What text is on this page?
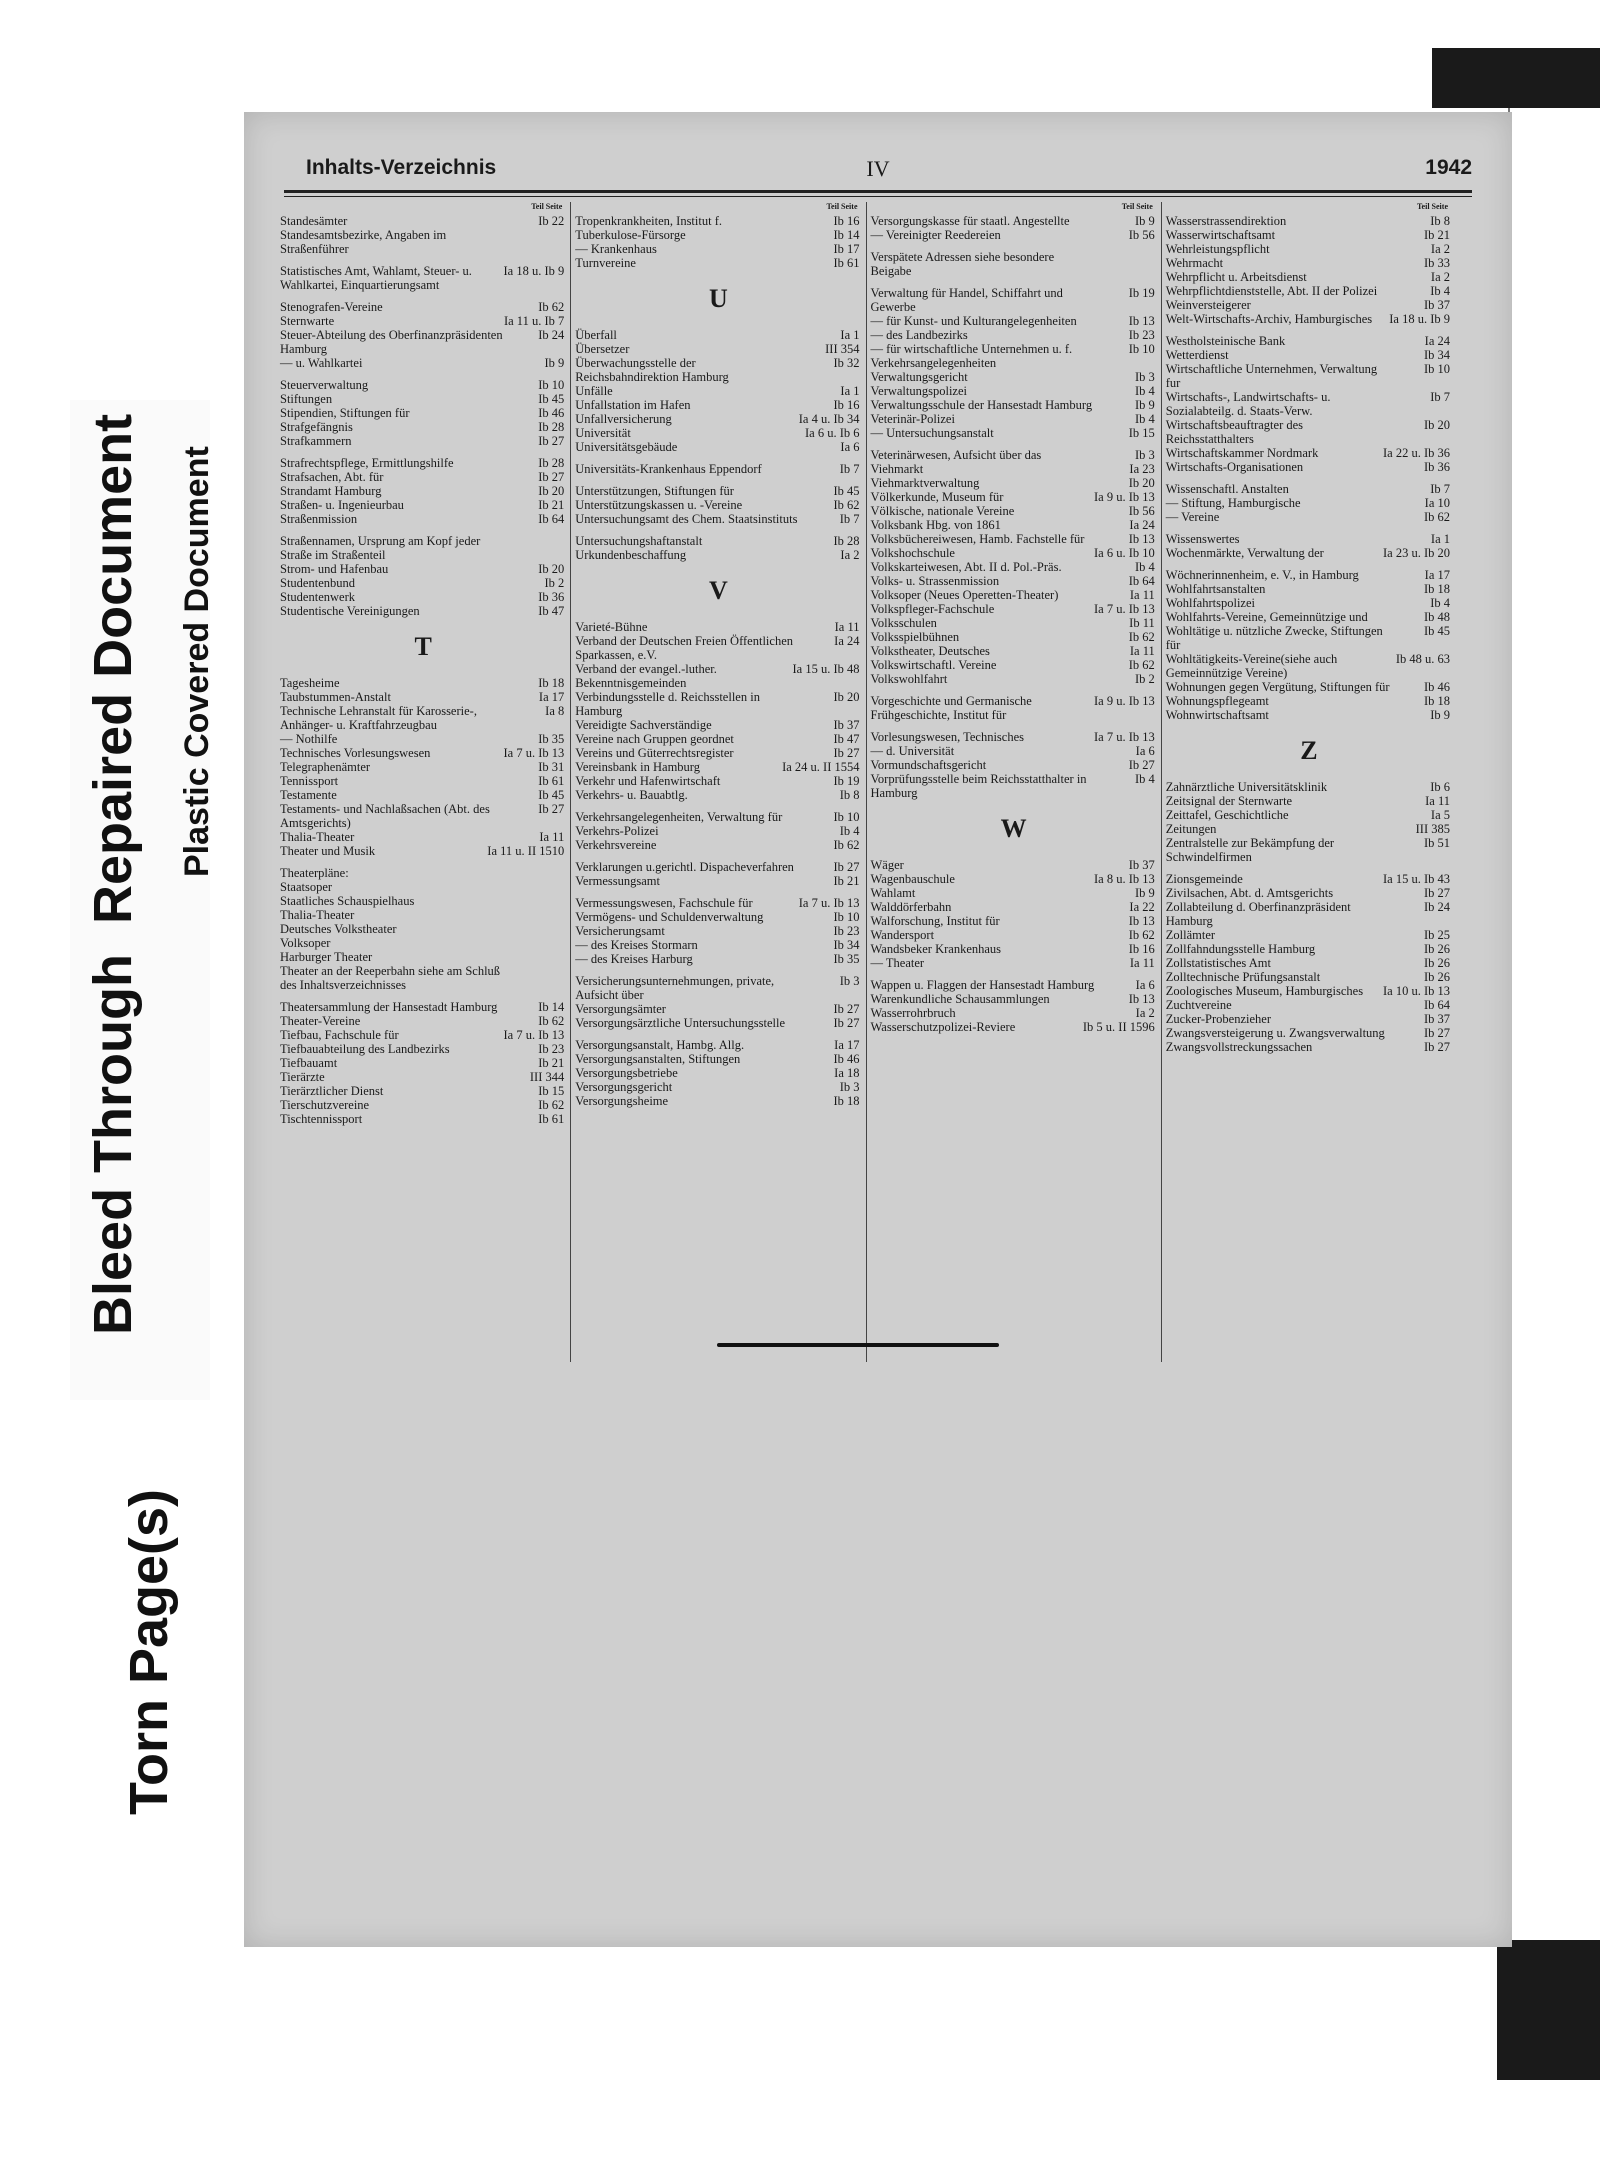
Bleed Through  Repaired Document Plastic Covered Document
Torn Page(s)
Inhalts-Verzeichnis	IV	1942
Teil Seite
Standesämter	Ib 22
Standesamtsbezirke, Angaben im Straßenführer
Statistisches Amt, Wahlamt, Steuer- u. Wahlkartei, Einquartierungsamt
Ia 18 u. Ib 9
Stenografen-Vereine	Ib 62
Sternwarte	Ia 11 u. Ib 7
Steuer-Abteilung des Oberfinanzpräsidenten Hamburg
Ib 24
— u. Wahlkartei	Ib 9
Steuerverwaltung	Ib 10
Stiftungen	Ib 45
Stipendien, Stiftungen für	Ib 46
Strafgefängnis	Ib 28
Strafkammern	Ib 27
Strafrechtspflege, Ermittlungshilfe	Ib 28
Strafsachen, Abt. für	Ib 27
Strandamt Hamburg	Ib 20
Straßen- u. Ingenieurbau	Ib 21
Straßenmission	Ib 64
Straßennamen, Ursprung am Kopf jeder Straße im Straßenteil
Strom- und Hafenbau	Ib 20
Studentenbund	Ib 2
Studentenwerk	Ib 36
Studentische Vereinigungen	Ib 47
T
Tagesheime	Ib 18
Taubstummen-Anstalt	Ia 17
Technische Lehranstalt für Karosserie-, Anhänger- u. Kraftfahrzeugbau
Ia 8
— Nothilfe	Ib 35
Technisches Vorlesungswesen	Ia 7 u. Ib 13
Telegraphenämter	Ib 31
Tennissport	Ib 61
Testamente	Ib 45
Testaments- und Nachlaßsachen (Abt. des Amtsgerichts)
Ib 27
Thalia-Theater	Ia 11
Theater und Musik	Ia 11 u. II 1510
Theaterpläne:
Staatsoper
Staatliches Schauspielhaus
Thalia-Theater
Deutsches Volkstheater
Volksoper
Harburger Theater
Theater an der Reeperbahn siehe am Schluß des Inhaltsverzeichnisses
Theatersammlung der Hansestadt Hamburg	Ib 14
Theater-Vereine	Ib 62
Tiefbau, Fachschule für	Ia 7 u. Ib 13
Tiefbauabteilung des Landbezirks	Ib 23
Tiefbauamt	Ib 21
Tierärzte	III 344
Tierärztlicher Dienst	Ib 15
Tierschutzvereine	Ib 62
Tischtennissport	Ib 61
Teil Seite
Tropenkrankheiten, Institut f.	Ib 16
Tuberkulose-Fürsorge	Ib 14
— Krankenhaus	Ib 17
Turnvereine	Ib 61
U
Überfall	Ia 1
Übersetzer	III 354
Überwachungsstelle der Reichsbahndirektion Hamburg
Ib 32
Unfälle	Ia 1
Unfallstation im Hafen	Ib 16
Unfallversicherung	Ia 4 u. Ib 34
Universität	Ia 6 u. Ib 6
Universitätsgebäude	Ia 6
Universitäts-Krankenhaus Eppendorf	Ib 7
Unterstützungen, Stiftungen für	Ib 45
Unterstützungskassen u. -Vereine	Ib 62
Untersuchungsamt des Chem. Staatsinstituts	Ib 7
Untersuchungshaftanstalt	Ib 28
Urkundenbeschaffung	Ia 2
V
Varieté-Bühne	Ia 11
Verband der Deutschen Freien Öffentlichen Sparkassen, e.V.
Ia 24
Verband der evangel.-luther. Bekenntnisgemeinden
Ia 15 u. Ib 48
Verbindungsstelle d. Reichsstellen in Hamburg
Ib 20
Vereidigte Sachverständige	Ib 37
Vereine nach Gruppen geordnet	Ib 47
Vereins und Güterrechtsregister	Ib 27
Vereinsbank in Hamburg	Ia 24 u. II 1554
Verkehr und Hafenwirtschaft	Ib 19
Verkehrs- u. Bauabtlg.	Ib 8
Verkehrsangelegenheiten, Verwaltung für	Ib 10
Verkehrs-Polizei	Ib 4
Verkehrsvereine	Ib 62
Verklarungen u.gerichtl. Dispacheverfahren	Ib 27
Vermessungsamt	Ib 21
Vermessungswesen, Fachschule für	Ia 7 u. Ib 13
Vermögens- und Schuldenverwaltung	Ib 10
Versicherungsamt	Ib 23
— des Kreises Stormarn	Ib 34
— des Kreises Harburg	Ib 35
Versicherungsunternehmungen, private, Aufsicht über
Ib 3
Versorgungsämter	Ib 27
Versorgungsärztliche Untersuchungsstelle	Ib 27
Versorgungsanstalt, Hambg. Allg.	Ia 17
Versorgungsanstalten, Stiftungen	Ib 46
Versorgungsbetriebe	Ia 18
Versorgungsgericht	Ib 3
Versorgungsheime	Ib 18
Teil Seite
Versorgungskasse für staatl. Angestellte	Ib 9
— Vereinigter Reedereien	Ib 56
Verspätete Adressen siehe besondere Beigabe
Verwaltung für Handel, Schiffahrt und Gewerbe
Ib 19
— für Kunst- und Kulturangelegenheiten	Ib 13
— des Landbezirks	Ib 23
— für wirtschaftliche Unternehmen u. f. Verkehrsangelegenheiten
Ib 10
Verwaltungsgericht	Ib 3
Verwaltungspolizei	Ib 4
Verwaltungsschule der Hansestadt Hamburg	Ib 9
Veterinär-Polizei	Ib 4
— Untersuchungsanstalt	Ib 15
Veterinärwesen, Aufsicht über das	Ib 3
Viehmarkt	Ia 23
Viehmarktverwaltung	Ib 20
Völkerkunde, Museum für	Ia 9 u. Ib 13
Völkische, nationale Vereine	Ib 56
Volksbank Hbg. von 1861	Ia 24
Volksbüchereiwesen, Hamb. Fachstelle für	Ib 13
Volkshochschule	Ia 6 u. Ib 10
Volkskarteiwesen, Abt. II d. Pol.-Präs.	Ib 4
Volks- u. Strassenmission	Ib 64
Volksoper (Neues Operetten-Theater)	Ia 11
Volkspfleger-Fachschule	Ia 7 u. Ib 13
Volksschulen	Ib 11
Volksspielbühnen	Ib 62
Volkstheater, Deutsches	Ia 11
Volkswirtschaftl. Vereine	Ib 62
Volkswohlfahrt	Ib 2
Vorgeschichte und Germanische Frühgeschichte, Institut für
Ia 9 u. Ib 13
Vorlesungswesen, Technisches	Ia 7 u. Ib 13
— d. Universität	Ia 6
Vormundschaftsgericht	Ib 27
Vorprüfungsstelle beim Reichsstatthalter in Hamburg
Ib 4
W
Wäger	Ib 37
Wagenbauschule	Ia 8 u. Ib 13
Wahlamt	Ib 9
Walddörferbahn	Ia 22
Walforschung, Institut für	Ib 13
Wandersport	Ib 62
Wandsbeker Krankenhaus	Ib 16
— Theater	Ia 11
Wappen u. Flaggen der Hansestadt Hamburg	Ia 6
Warenkundliche Schausammlungen	Ib 13
Wasserrohrbruch	Ia 2
Wasserschutzpolizei-Reviere	Ib 5 u. II 1596
Teil Seite
Wasserstrassendirektion	Ib 8
Wasserwirtschaftsamt	Ib 21
Wehrleistungspflicht	Ia 2
Wehrmacht	Ib 33
Wehrpflicht u. Arbeitsdienst	Ia 2
Wehrpflichtdienststelle, Abt. II der Polizei	Ib 4
Weinversteigerer	Ib 37
Welt-Wirtschafts-Archiv, Hamburgisches Ia 18 u. Ib 9
Westholsteinische Bank	Ia 24
Wetterdienst	Ib 34
Wirtschaftliche Unternehmen, Verwaltung fur
Ib 10
Wirtschafts-, Landwirtschafts- u. Sozialabteilg. d. Staats-Verw.
Ib 7
Wirtschaftsbeauftragter des Reichsstatthalters
Ib 20
Wirtschaftskammer Nordmark	Ia 22 u. Ib 36
Wirtschafts-Organisationen	Ib 36
Wissenschaftl. Anstalten	Ib 7
— Stiftung, Hamburgische	Ia 10
— Vereine	Ib 62
Wissenswertes	Ia 1
Wochenmärkte, Verwaltung der	Ia 23 u. Ib 20
Wöchnerinnenheim, e. V., in Hamburg	Ia 17
Wohlfahrtsanstalten	Ib 18
Wohlfahrtspolizei	Ib 4
Wohlfahrts-Vereine, Gemeinnützige und	Ib 48
Wohltätige u. nützliche Zwecke, Stiftungen für
Ib 45
Wohltätigkeits-Vereine(siehe auch Gemeinnützige Vereine)
Ib 48 u. 63
Wohnungen gegen Vergütung, Stiftungen für	Ib 46
Wohnungspflegeamt	Ib 18
Wohnwirtschaftsamt	Ib 9
Z
Zahnärztliche Universitätsklinik	Ib 6
Zeitsignal der Sternwarte	Ia 11
Zeittafel, Geschichtliche	Ia 5
Zeitungen	III 385
Zentralstelle zur Bekämpfung der Schwindelfirmen
Ib 51
Zionsgemeinde	Ia 15 u. Ib 43
Zivilsachen, Abt. d. Amtsgerichts	Ib 27
Zollabteilung d. Oberfinanzpräsident Hamburg
Ib 24
Zollämter	Ib 25
Zollfahndungsstelle Hamburg	Ib 26
Zollstatistisches Amt	Ib 26
Zolltechnische Prüfungsanstalt	Ib 26
Zoologisches Museum, Hamburgisches Ia 10 u. Ib 13
Zuchtvereine	Ib 64
Zucker-Probenzieher	Ib 37
Zwangsversteigerung u. Zwangsverwaltung	Ib 27
Zwangsvollstreckungssachen	Ib 27
